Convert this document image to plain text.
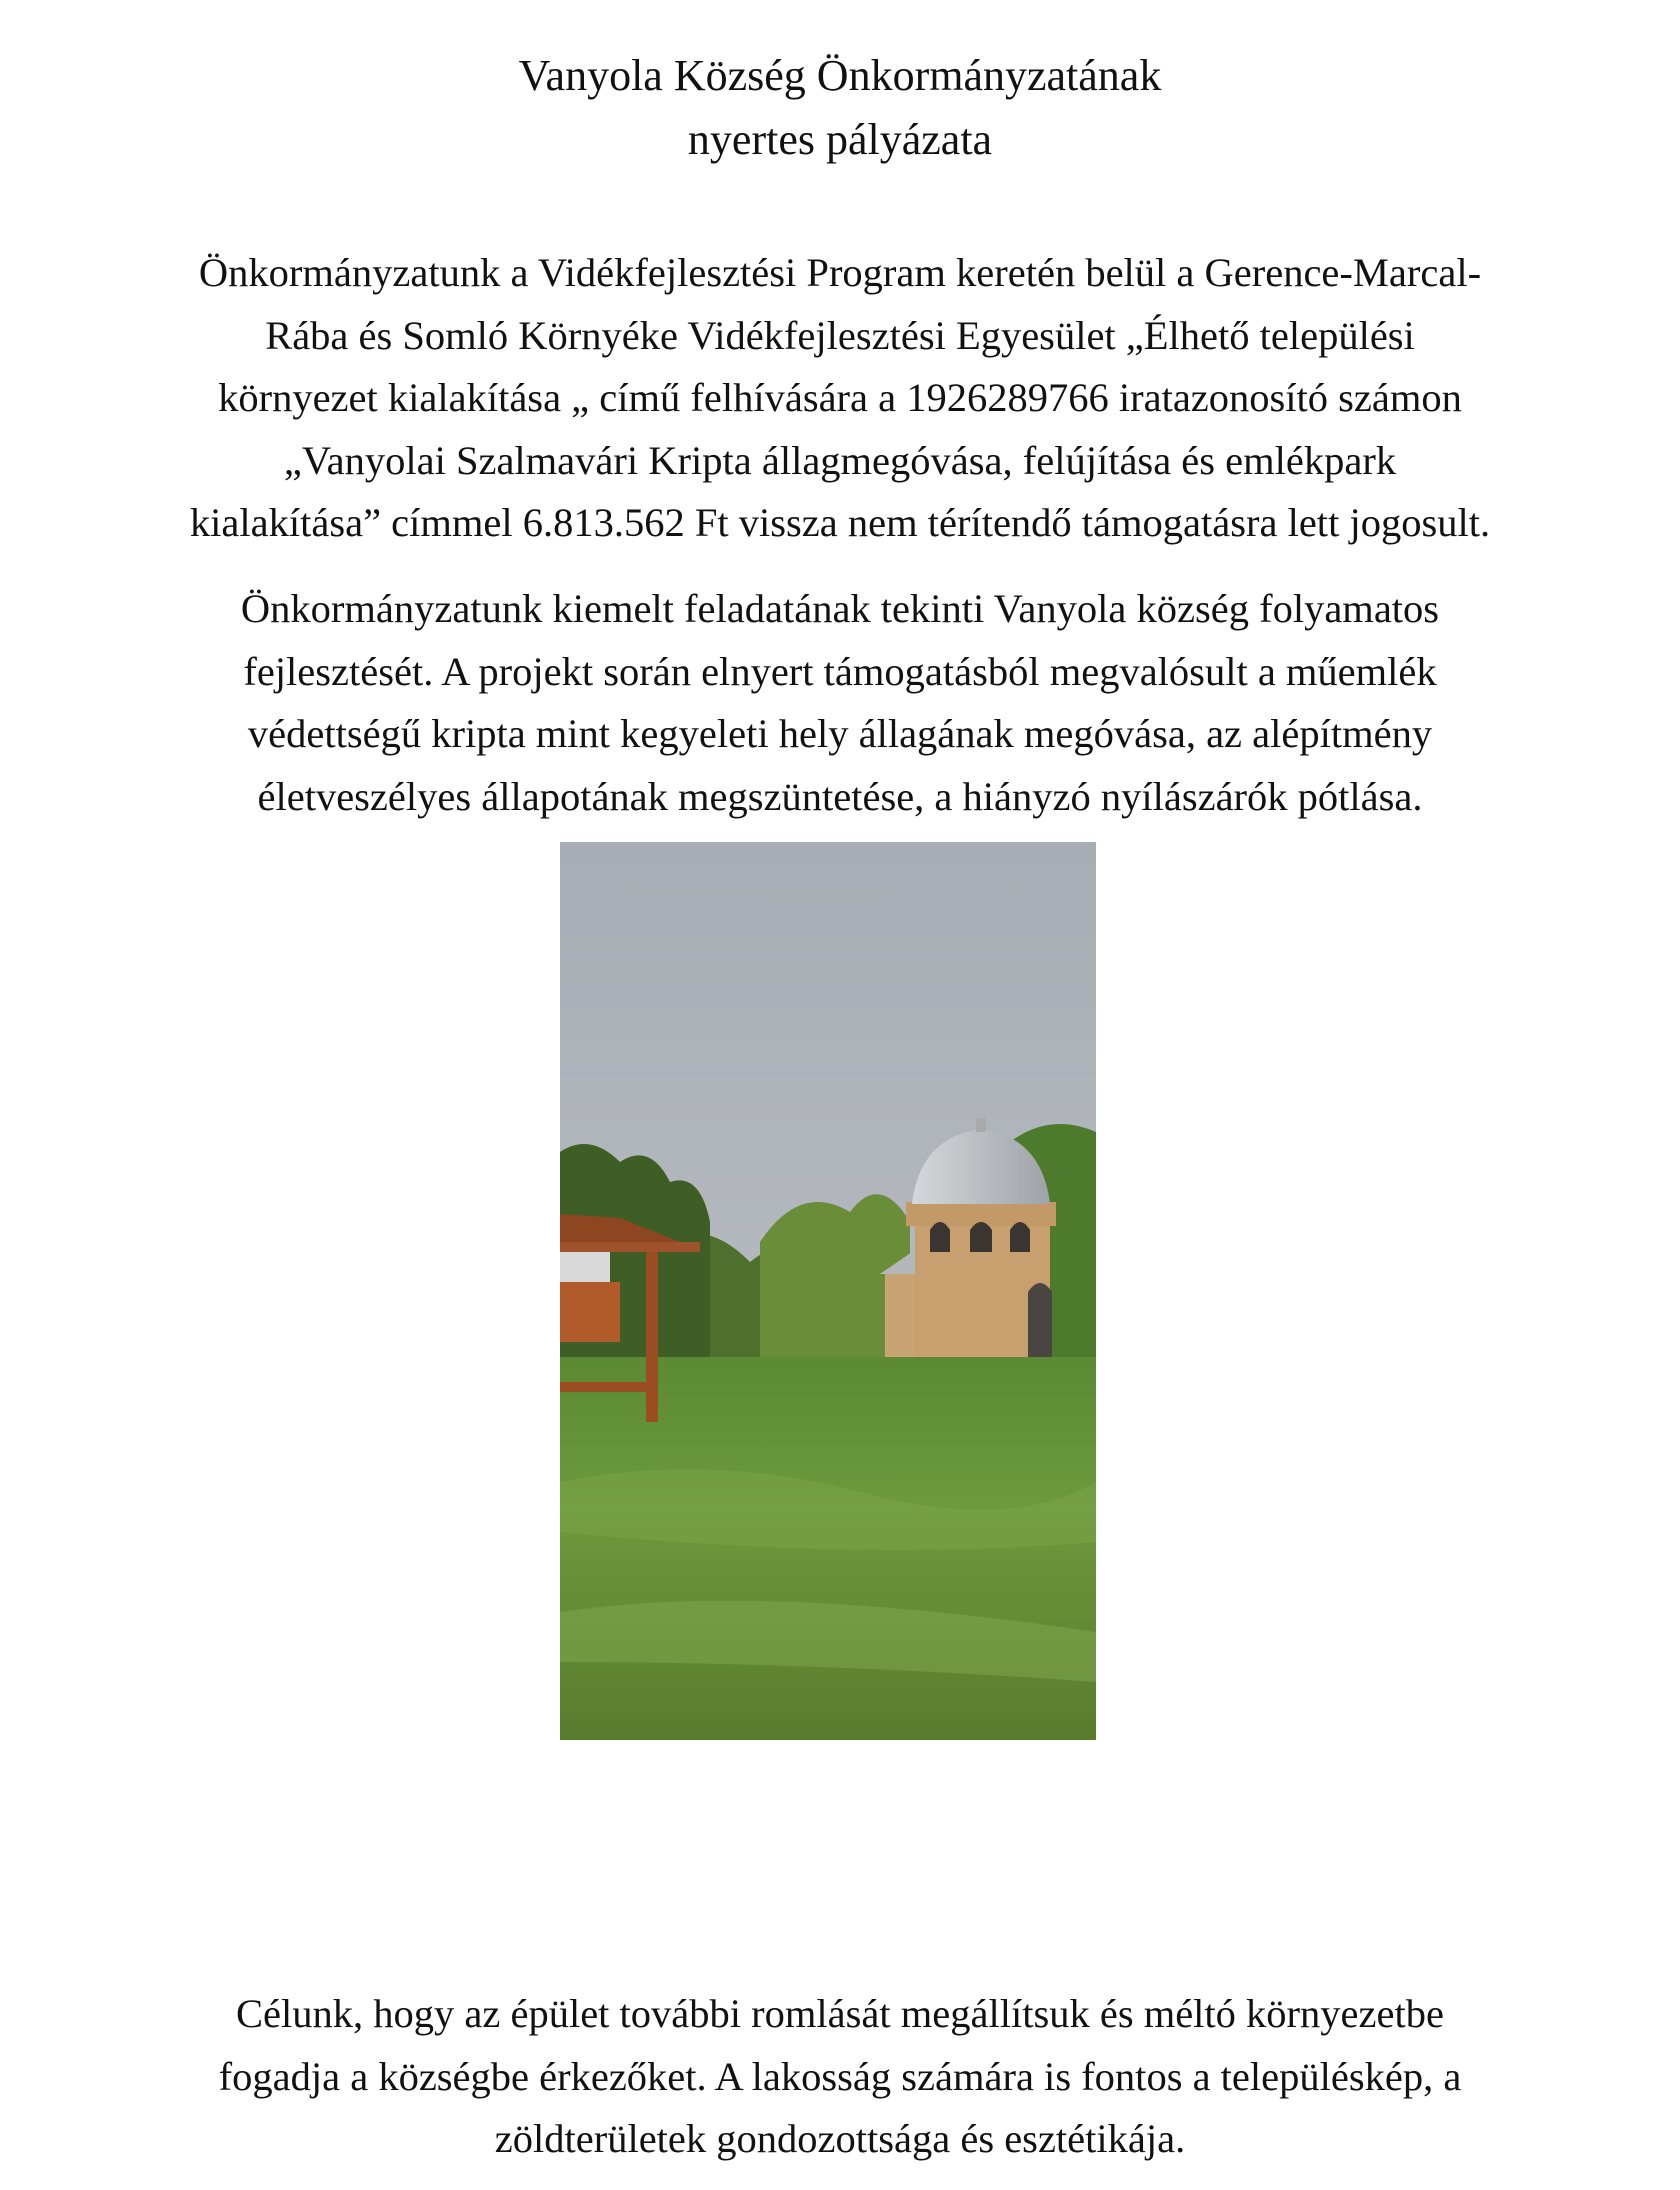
Vanyola Község Önkormányzatának
nyertes pályázata
Önkormányzatunk a Vidékfejlesztési Program keretén belül a Gerence-Marcal-
Rába és Somló Környéke Vidékfejlesztési Egyesület „Élhető települési
környezet kialakítása „ című felhívására a 1926289766 iratazonosító számon
„Vanyolai Szalmavári Kripta állagmegóvása, felújítása és emlékpark
kialakítása” címmel 6.813.562 Ft vissza nem térítendő támogatásra lett jogosult.
Önkormányzatunk kiemelt feladatának tekinti Vanyola község folyamatos
fejlesztését. A projekt során elnyert támogatásból megvalósult a műemlék
védettségű kripta mint kegyeleti hely állagának megóvása, az alépítmény
életveszélyes állapotának megszüntetése, a hiányzó nyílászárók pótlása.
Célunk, hogy az épület további romlását megállítsuk és méltó környezetbe
fogadja a községbe érkezőket. A lakosság számára is fontos a településkép, a
zöldterületek gondozottsága és esztétikája.
